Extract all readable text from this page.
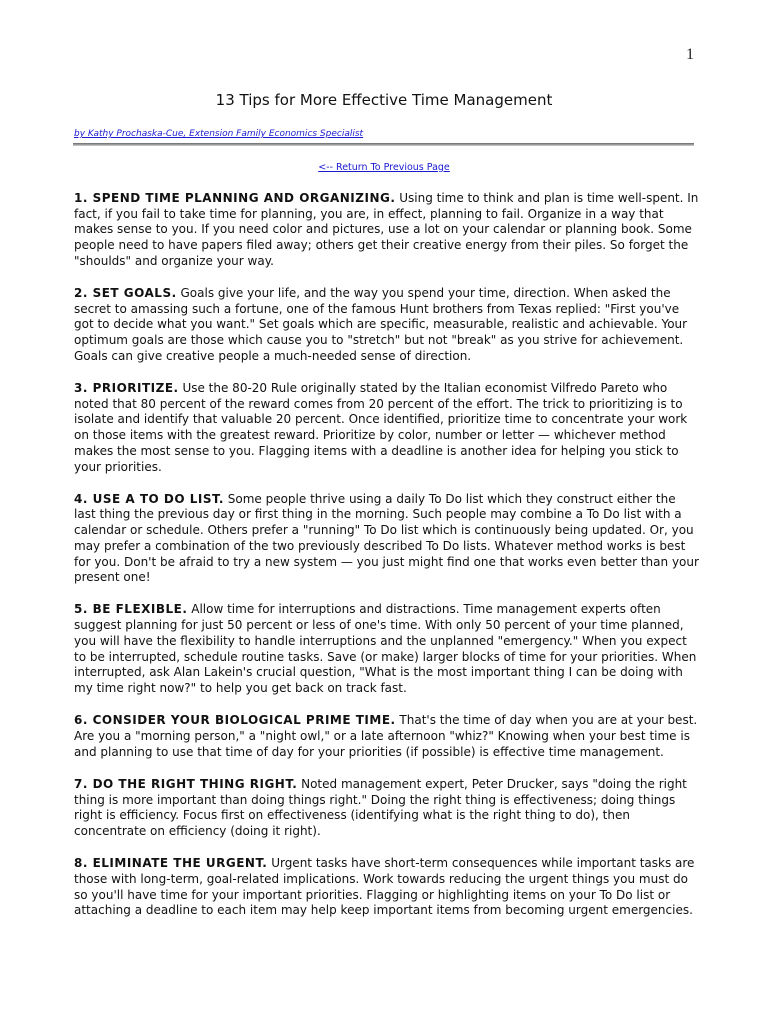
1
13 Tips for More Effective Time Management
by Kathy Prochaska-Cue, Extension Family Economics Specialist
<-- Return To Previous Page

1. SPEND TIME PLANNING AND ORGANIZING. Using time to think and plan is time well-spent. In fact, if you fail to take time for planning, you are, in effect, planning to fail. Organize in a way that makes sense to you. If you need color and pictures, use a lot on your calendar or planning book. Some people need to have papers filed away; others get their creative energy from their piles. So forget the "shoulds" and organize your way.

2. SET GOALS. Goals give your life, and the way you spend your time, direction. When asked the secret to amassing such a fortune, one of the famous Hunt brothers from Texas replied: "First you've got to decide what you want." Set goals which are specific, measurable, realistic and achievable. Your optimum goals are those which cause you to "stretch" but not "break" as you strive for achievement. Goals can give creative people a much-needed sense of direction.

3. PRIORITIZE. Use the 80-20 Rule originally stated by the Italian economist Vilfredo Pareto who noted that 80 percent of the reward comes from 20 percent of the effort. The trick to prioritizing is to isolate and identify that valuable 20 percent. Once identified, prioritize time to concentrate your work on those items with the greatest reward. Prioritize by color, number or letter — whichever method makes the most sense to you. Flagging items with a deadline is another idea for helping you stick to your priorities.

4. USE A TO DO LIST. Some people thrive using a daily To Do list which they construct either the last thing the previous day or first thing in the morning. Such people may combine a To Do list with a calendar or schedule. Others prefer a "running" To Do list which is continuously being updated. Or, you may prefer a combination of the two previously described To Do lists. Whatever method works is best for you. Don't be afraid to try a new system — you just might find one that works even better than your present one!

5. BE FLEXIBLE. Allow time for interruptions and distractions. Time management experts often suggest planning for just 50 percent or less of one's time. With only 50 percent of your time planned, you will have the flexibility to handle interruptions and the unplanned "emergency." When you expect to be interrupted, schedule routine tasks. Save (or make) larger blocks of time for your priorities. When interrupted, ask Alan Lakein's crucial question, "What is the most important thing I can be doing with my time right now?" to help you get back on track fast.

6. CONSIDER YOUR BIOLOGICAL PRIME TIME. That's the time of day when you are at your best. Are you a "morning person," a "night owl," or a late afternoon "whiz?" Knowing when your best time is and planning to use that time of day for your priorities (if possible) is effective time management.

7. DO THE RIGHT THING RIGHT. Noted management expert, Peter Drucker, says "doing the right thing is more important than doing things right." Doing the right thing is effectiveness; doing things right is efficiency. Focus first on effectiveness (identifying what is the right thing to do), then concentrate on efficiency (doing it right).

8. ELIMINATE THE URGENT. Urgent tasks have short-term consequences while important tasks are those with long-term, goal-related implications. Work towards reducing the urgent things you must do so you'll have time for your important priorities. Flagging or highlighting items on your To Do list or attaching a deadline to each item may help keep important items from becoming urgent emergencies.
